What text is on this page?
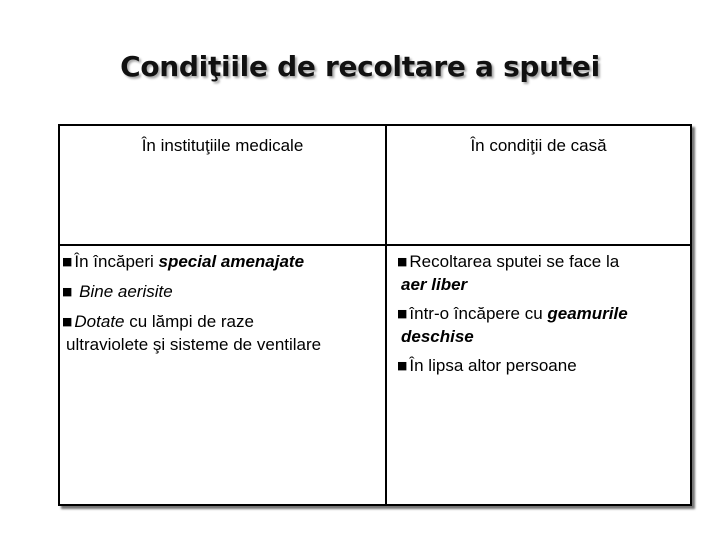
Condiţiile de recoltare a sputei
În instituţiile medicale	În condiţii de casă
■ În încăperi special amenajate
■ Bine aerisite
■ Dotate cu lămpi de raze
ultraviolete şi sisteme de ventilare
■ Recoltarea sputei se face la
aer liber
■ într-o încăpere cu geamurile
deschise
■ În lipsa altor persoane
